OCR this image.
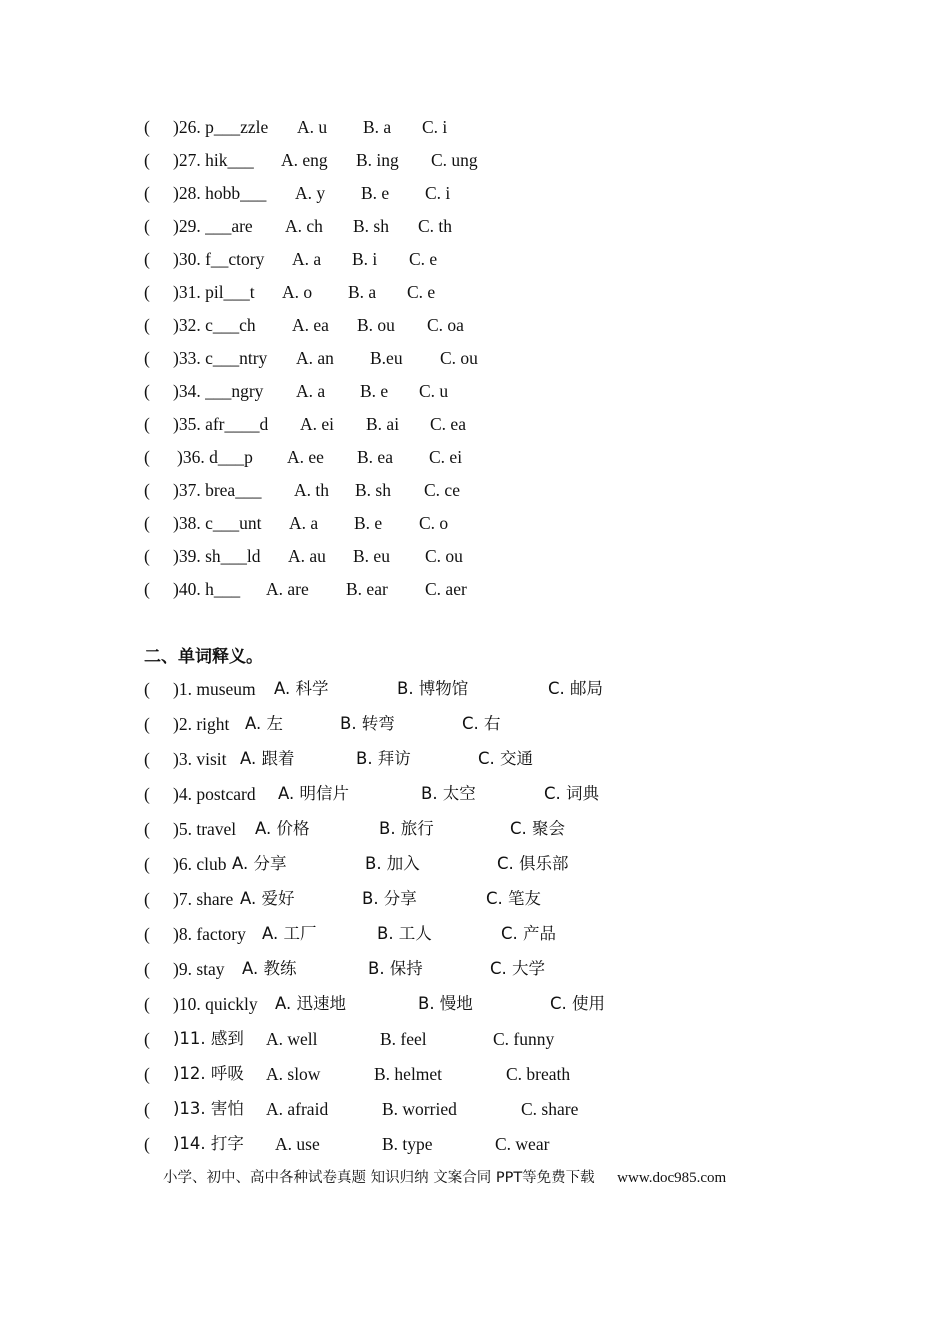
( )26. p___zzle A. u B. a C. i
( )27. hik___ A. eng B. ing C. ung
( )28. hobb___ A. y B. e C. i
( )29. ___are A. ch B. sh C. th
( )30. f__ctory A. a B. i C. e
( )31. pil___t A. o B. a C. e
( )32. c___ch A. ea B. ou C. oa
( )33. c___ntry A. an B.eu C. ou
( )34. ___ngry A. a B. e C. u
( )35. afr____d A. ei B. ai C. ea
( )36. d___p A. ee B. ea C. ei
( )37. brea___ A. th B. sh C. ce
( )38. c___unt A. a B. e C. o
( )39. sh___ld A. au B. eu C. ou
( )40. h___ A. are B. ear C. aer
二、单词释义。
( )1. museum A. 科学	B. 博物馆	C. 邮局
( )2. right A. 左	B. 转弯	C. 右
( )3. visit A. 跟着	B. 拜访	C. 交通
( )4. postcard A. 明信片	B. 太空	C. 词典
( )5. travel A. 价格	B. 旅行	C. 聚会
( )6. club A. 分享	B. 加入	C. 俱乐部
( )7. share A. 爱好	B. 分享	C. 笔友
( )8. factory A. 工厂	B. 工人	C. 产品
( )9. stay A. 教练	B. 保持	C. 大学
( )10. quickly A. 迅速地	B. 慢地	C. 使用
( )11. 感到 A. well	B. feel	C. funny
( )12. 呼吸 A. slow	B. helmet	C. breath
( )13. 害怕 A. afraid	B. worried	C. share
( )14. 打字 A. use	B. type	C. wear
小学、初中、高中各种试卷真题 知识归纳 文案合同 PPT等免费下载 www.doc985.com
